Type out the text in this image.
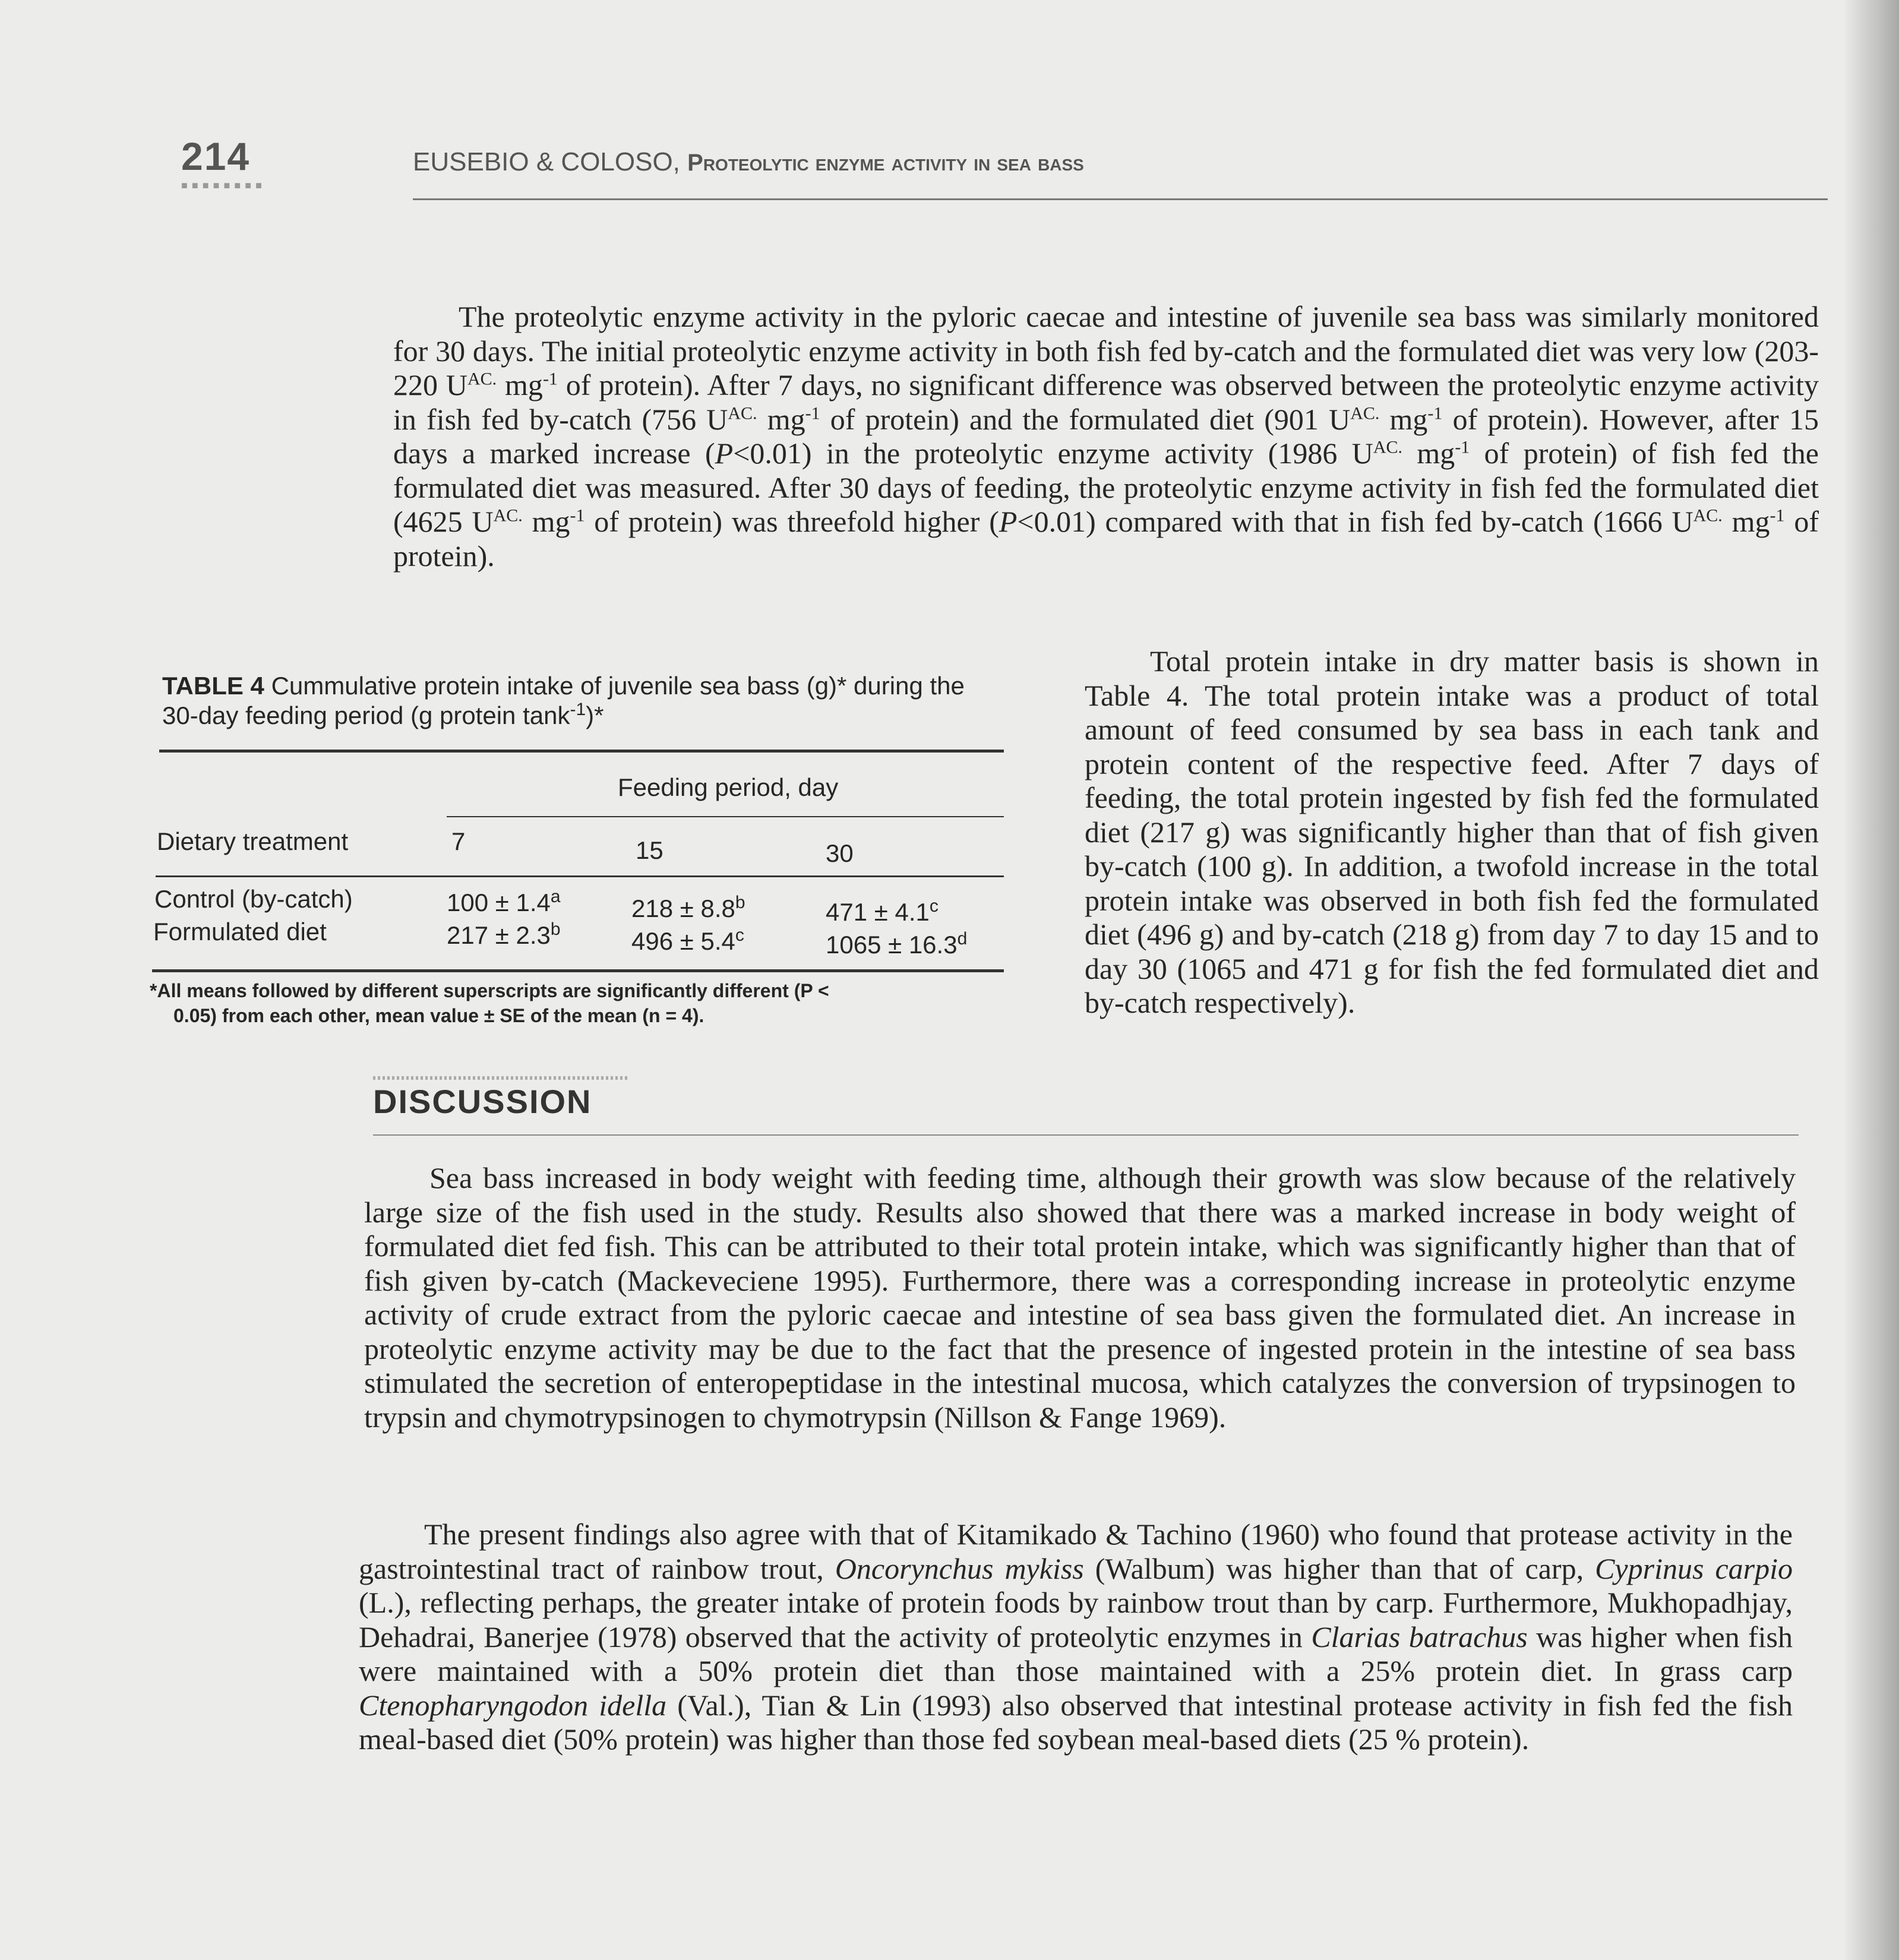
214
■■■■■■■■
EUSEBIO & COLOSO, Proteolytic enzyme activity in sea bass

The proteolytic enzyme activity in the pyloric caecae and intestine of juvenile sea bass was similarly monitored for 30 days. The initial proteolytic enzyme activity in both fish fed by-catch and the formulated diet was very low (203-220 $U^{AC.}$ $mg^{-1}$ of protein). After 7 days, no significant difference was observed between the proteolytic enzyme activity in fish fed by-catch (756 $U^{AC.}$ $mg^{-1}$ of protein) and the formulated diet (901 $U^{AC.}$ $mg^{-1}$ of protein). However, after 15 days a marked increase (P<0.01) in the proteolytic enzyme activity (1986 $U^{AC.}$ $mg^{-1}$ of protein) of fish fed the formulated diet was measured. After 30 days of feeding, the proteolytic enzyme activity in fish fed the formulated diet (4625 $U^{AC.}$ $mg^{-1}$ of protein) was threefold higher (P<0.01) compared with that in fish fed by-catch (1666 $U^{AC.}$ $mg^{-1}$ of protein).

Total protein intake in dry matter basis is shown in Table 4. The total protein intake was a product of total amount of feed consumed by sea bass in each tank and protein content of the respective feed. After 7 days of feeding, the total protein ingested by fish fed the formulated diet (217 g) was significantly higher than that of fish given by-catch (100 g). In addition, a twofold increase in the total protein intake was observed in both fish fed the formulated diet (496 g) and by-catch (218 g) from day 7 to day 15 and to day 30 (1065 and 471 g for fish the fed formulated diet and by-catch respectively).

TABLE 4 Cummulative protein intake of juvenile sea bass (g)* during the 30-day feeding period (g protein tank$^{-1}$)*

Feeding period, day
Dietary treatment	7	15	30
Control (by-catch)	100 ± 1.4$^a$	218 ± 8.8$^b$	471 ± 4.1$^c$
Formulated diet	217 ± 2.3$^b$	496 ± 5.4$^c$	1065 ± 16.3$^d$

*All means followed by different superscripts are significantly different (P <
0.05) from each other, mean value ± SE of the mean (n = 4).

DISCUSSION

Sea bass increased in body weight with feeding time, although their growth was slow because of the relatively large size of the fish used in the study. Results also showed that there was a marked increase in body weight of formulated diet fed fish. This can be attributed to their total protein intake, which was significantly higher than that of fish given by-catch (Mackeveciene 1995). Furthermore, there was a corresponding increase in proteolytic enzyme activity of crude extract from the pyloric caecae and intestine of sea bass given the formulated diet. An increase in proteolytic enzyme activity may be due to the fact that the presence of ingested protein in the intestine of sea bass stimulated the secretion of enteropeptidase in the intestinal mucosa, which catalyzes the conversion of trypsinogen to trypsin and chymotrypsinogen to chymotrypsin (Nillson & Fange 1969).

The present findings also agree with that of Kitamikado & Tachino (1960) who found that protease activity in the gastrointestinal tract of rainbow trout, Oncorynchus mykiss (Walbum) was higher than that of carp, Cyprinus carpio (L.), reflecting perhaps, the greater intake of protein foods by rainbow trout than by carp. Furthermore, Mukhopadhjay, Dehadrai, Banerjee (1978) observed that the activity of proteolytic enzymes in Clarias batrachus was higher when fish were maintained with a 50% protein diet than those maintained with a 25% protein diet. In grass carp Ctenopharyngodon idella (Val.), Tian & Lin (1993) also observed that intestinal protease activity in fish fed the fish meal-based diet (50% protein) was higher than those fed soybean meal-based diets (25 % protein).
